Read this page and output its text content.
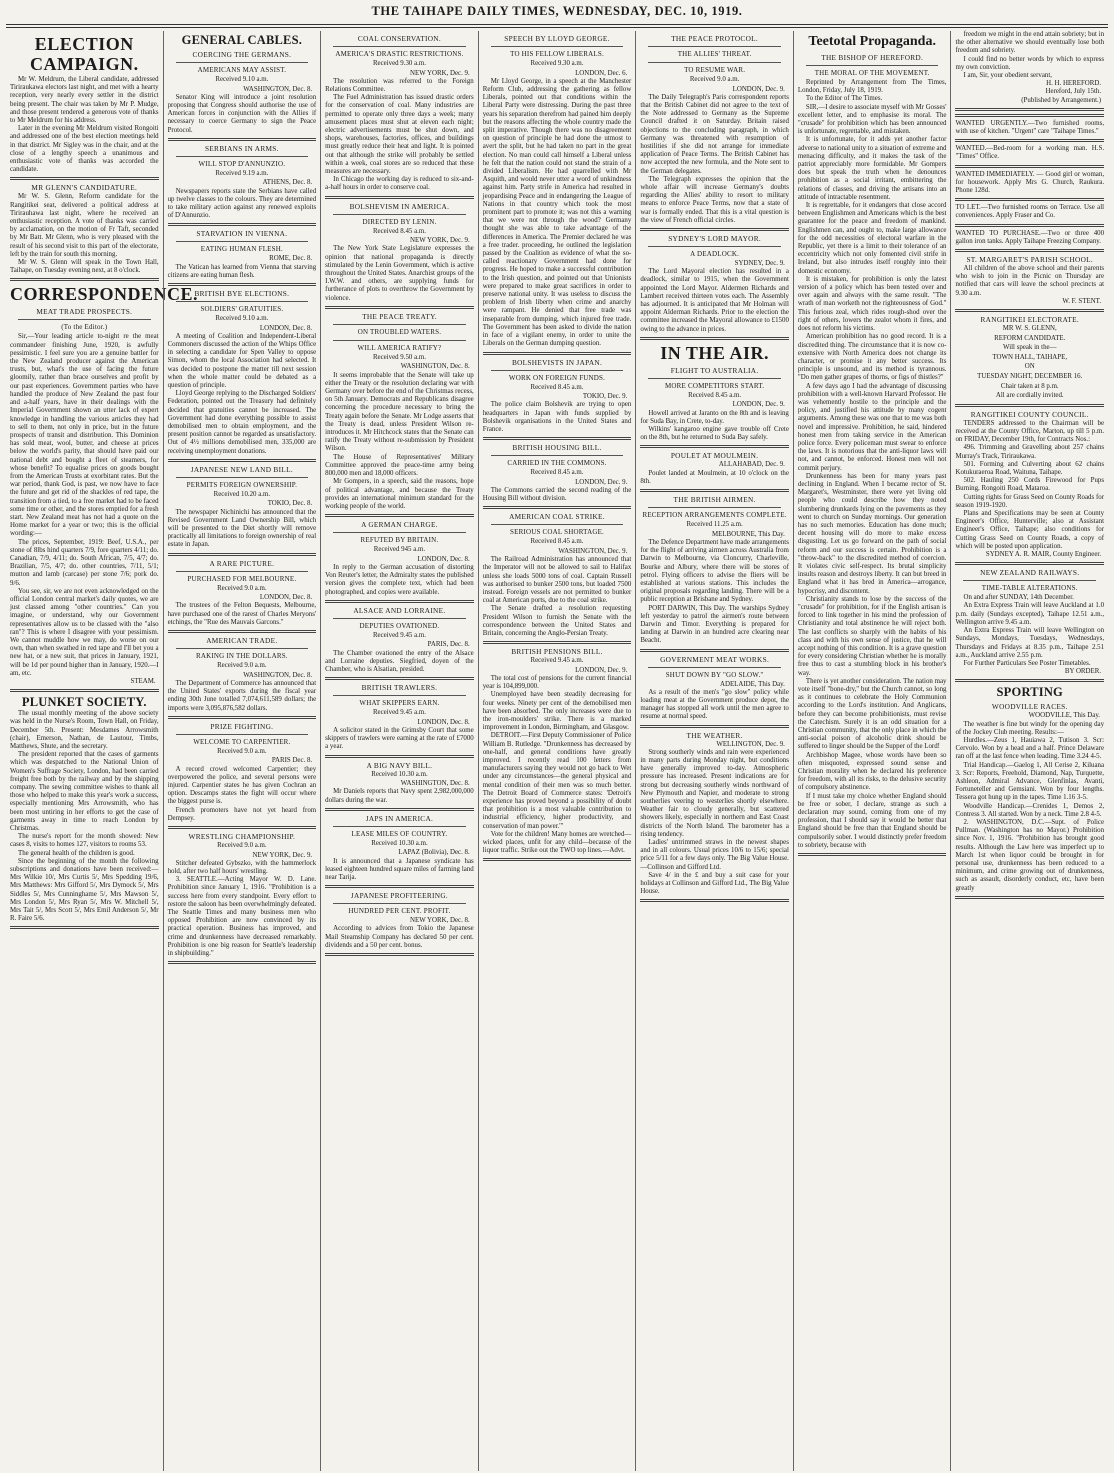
THE TAIHAPE DAILY TIMES, WEDNESDAY, DEC. 10, 1919.
ELECTION CAMPAIGN.

Mr W. Meldrum, the Liberal candidate, addressed Tiriraukawa electors last night, and met with a hearty reception, very nearly every settler in the district being present. The chair was taken by Mr P. Mudge, and those present tendered a generous vote of thanks to Mr Meldrum for his address.

Later in the evening Mr Meldrum visited Rongoiti and addressed one of the best election meetings held in that district. Mr Sigley was in the chair, and at the close of a lengthy speech a unanimous and enthusiastic vote of thanks was accorded the candidate.

MR GLENN'S CANDIDATURE.

Mr W. S. Glenn, Reform candidate for the Rangitikei seat, delivered a political address at Tirirauhawa last night, where he received an enthusiastic reception. A vote of thanks was carried by acclamation, on the motion of Fr Taft, seconded by Mr Batt. Mr Glenn, who is very pleased with the result of his second visit to this part of the electorate, left by the train for south this morning.

Mr W. S. Glenn will speak in the Town Hall, Taihape, on Tuesday evening next, at 8 o'clock.

CORRESPONDENCE.
MEAT TRADE PROSPECTS.
(To the Editor.)

Sir,—Your leading article to-night re the meat commandeer finishing June, 1920, is awfully pessimistic. I feel sure you are a genuine battler for the New Zealand producer against the American trusts, but, what's the use of facing the future gloomily, rather than brace ourselves and profit by our past experiences. Government parties who have handled the produce of New Zealand the past four and a-half years, have in their dealings with the Imperial Government shown an utter lack of expert knowledge in handling the various articles they had to sell to them, not only in price, but in the future prospects of transit and distribution. This Dominion has sold meat, wool, butter, and cheese at prices below the world's parity, that should have paid our national debt and bought a fleet of steamers, for whose benefit? To equalise prices on goods bought from the American Trusts at exorbitant rates. But the war period, thank God, is past, we now have to face the future and get rid of the shackles of red tape, the transition from a tied, to a free market had to be faced some time or other, and the stores emptied for a fresh start. New Zealand meat has not had a quote on the Home market for a year or two; this is the official wording:—

The prices, September, 1919: Beef, U.S.A., per stone of 8lbs hind quarters 7/9, fore quarters 4/11; do. Canadian, 7/9, 4/11; do. South African, 7/5, 4/7; do. Brazilian, 7/5, 4/7; do. other countries, 7/11, 5/1; mutton and lamb (carcase) per stone 7/6; pork do. 9/6.

You see, sir, we are not even acknowledged on the official London central market's daily quotes, we are just classed among "other countries." Can you imagine, or understand, why our Government representatives allow us to be classed with the "also ran"? This is where I disagree with your pessimism. We cannot muddle how we may, do worse on our own, than when swathed in red tape and I'll bet you a new hat, or a new suit, that prices in January, 1921, will be 1d per pound higher than in January, 1920.—I am, etc.

STEAM.
PLUNKET SOCIETY.

The usual monthly meeting of the above society was held in the Nurse's Room, Town Hall, on Friday, December 5th. Present: Mesdames Arrowsmith (chair), Emerson, Nathan, de Lautour, Timbs, Matthews, Shute, and the secretary.

The president reported that the cases of garments which was despatched to the National Union of Women's Suffrage Society, London, had been carried freight free both by the railway and by the shipping company. The sewing committee wishes to thank all those who helped to make this year's work a success, especially mentioning Mrs Arrowsmith, who has been most untiring in her efforts to get the case of garments away in time to reach London by Christmas.

The nurse's report for the month showed: New cases 8, visits to homes 127, visitors to rooms 53.

The general health of the children is good.

Since the beginning of the month the following subscriptions and donations have been received:—Mrs Wilkie 10/, Mrs Curtis 5/, Mrs Spedding 19/6, Mrs Matthews: Mrs Gifford 5/, Mrs Dymock 5/, Mrs Siddles 5/, Mrs Cunninghame 5/, Mrs Mawson 5/, Mrs London 5/, Mrs Ryan 5/, Mrs W. Mitchell 5/, Mrs Tait 5/, Mrs Scott 5/, Mrs Emil Anderson 5/, Mr R. Faire 5/6.

GENERAL CABLES.
COERCING THE GERMANS.
AMERICANS MAY ASSIST.
Received 9.10 a.m.
WASHINGTON, Dec. 8.

Senator King will introduce a joint resolution proposing that Congress should authorise the use of American forces in conjunction with the Allies if necessary to coerce Germany to sign the Peace Protocol.

SERBIANS IN ARMS.
WILL STOP D'ANNUNZIO.
Received 9.19 a.m.
ATHENS, Dec. 8.

Newspapers reports state the Serbians have called up twelve classes to the colours. They are determined to take military action against any renewed exploits of D'Annunzio.

STARVATION IN VIENNA.
EATING HUMAN FLESH.
ROME, Dec. 8.

The Vatican has learned from Vienna that starving citizens are eating human flesh.

BRITISH BYE ELECTIONS.
SOLDIERS' GRATUITIES.
Received 9.10 a.m.
LONDON, Dec. 8.

A meeting of Coalition and Independent-Liberal Commoners discussed the action of the Whips Office in selecting a candidate for Spen Valley to oppose Simon, whom the local Association had selected. It was decided to postpone the matter till next session when the whole matter could be debated as a question of principle.

Lloyd George replying to the Discharged Soldiers' Federation, pointed out the Treasury had definitely decided that gratuities cannot be increased. The Government had done everything possible to assist demobilised men to obtain employment, and the present position cannot be regarded as unsatisfactory. Out of 4½ millions demobilised men, 335,000 are receiving unemployment donations.

JAPANESE NEW LAND BILL.
PERMITS FOREIGN OWNERSHIP.
Received 10.20 a.m.
TOKIO, Dec. 8.

The newspaper Nichinichi has announced that the Revised Government Land Ownership Bill, which will be presented to the Diet shortly will remove practically all limitations to foreign ownership of real estate in Japan.

A RARE PICTURE.
PURCHASED FOR MELBOURNE.
Received 9.0 a.m.
LONDON, Dec. 8.

The trustees of the Felton Bequests, Melbourne, have purchased one of the rarest of Charles Meryons' etchings, the "Rue des Mauvais Garcons."

AMERICAN TRADE.
RAKING IN THE DOLLARS.
Received 9.0 a.m.
WASHINGTON, Dec. 8.

The Department of Commerce has announced that the United States' exports during the fiscal year ending 30th June totalled 7,074,611,589 dollars; the imports were 3,095,876,582 dollars.

PRIZE FIGHTING.
WELCOME TO CARPENTIER.
Received 9.0 a.m.
PARIS Dec. 8.

A record crowd welcomed Carpentier; they overpowered the police, and several persons were injured. Carpentier states he has given Cochran an option. Descamps states the fight will occur where the biggest purse is.

French promoters have not yet heard from Dempsey.

WRESTLING CHAMPIONSHIP.
Received 9.0 a.m.
NEW YORK, Dec. 9.

Stitcher defeated Gybszko, with the hammerlock hold, after two half hours' wrestling.

3. SEATTLE.—Acting Mayor W. D. Lane. Prohibition since January 1, 1916. "Prohibition is a success here from every standpoint. Every effort to restore the saloon has been overwhelmingly defeated. The Seattle Times and many business men who opposed Prohibition are now convinced by its practical operation. Business has improved, and crime and drunkenness have decreased remarkably. Prohibition is one big reason for Seattle's leadership in shipbuilding."

COAL CONSERVATION.
AMERICA'S DRASTIC RESTRICTIONS.
Received 9.30 a.m.
NEW YORK, Dec. 9.

The resolution was referred to the Foreign Relations Committee.

The Fuel Administration has issued drastic orders for the conservation of coal. Many industries are permitted to operate only three days a week; many amusement places must shut at eleven each night; electric advertisements must be shut down, and shops, warehouses, factories, offices, and buildings must greatly reduce their heat and light. It is pointed out that although the strike will probably be settled within a week, coal stores are so reduced that these measures are necessary.

In Chicago the working day is reduced to six-and-a-half hours in order to conserve coal.

BOLSHEVISM IN AMERICA.
DIRECTED BY LENIN.
Received 8.45 a.m.
NEW YORK, Dec. 9.

The New York State Legislature expresses the opinion that national propaganda is directly stimulated by the Lenin Government, which is active throughout the United States. Anarchist groups of the I.W.W. and others, are supplying funds for furtherance of plots to overthrow the Government by violence.

THE PEACE TREATY.
ON TROUBLED WATERS.
WILL AMERICA RATIFY?
Received 9.50 a.m.
WASHINGTON, Dec. 8.

It seems improbable that the Senate will take up either the Treaty or the resolution declaring war with Germany over before the end of the Christmas recess, on 5th January. Democrats and Republicans disagree concerning the procedure necessary to bring the Treaty again before the Senate. Mr Lodge asserts that the Treaty is dead, unless President Wilson re-introduces it. Mr Hitchcock states that the Senate can ratify the Treaty without re-submission by President Wilson.

The House of Representatives' Military Committee approved the peace-time army being 800,000 men and 18,000 officers.

Mr Gompers, in a speech, said the reasons, hope of political advantage, and because the Treaty provides an international minimum standard for the working people of the world.

A GERMAN CHARGE.
REFUTED BY BRITAIN.
Received 945 a.m.
LONDON, Dec. 8.

In reply to the German accusation of distorting Von Reuter's letter, the Admiralty states the published version gives the complete text, which had been photographed, and copies were available.

ALSACE AND LORRAINE.
DEPUTIES OVATIONED.
Received 9.45 a.m.
PARIS, Dec. 8.

The Chamber ovationed the entry of the Alsace and Lorraine deputies. Siegfried, doyen of the Chamber, who is Alsatian, presided.

BRITISH TRAWLERS.
WHAT SKIPPERS EARN.
Received 9.45 a.m.
LONDON, Dec. 8.

A solicitor stated in the Grimsby Court that some skippers of trawlers were earning at the rate of £7000 a year.

A BIG NAVY BILL.
Received 10.30 a.m.
WASHINGTON, Dec. 8.

Mr Daniels reports that Navy spent 2,982,000,000 dollars during the war.

JAPS IN AMERICA.
LEASE MILES OF COUNTRY.
Received 10.30 a.m.
LAPAZ (Bolivia), Dec. 8.

It is announced that a Japanese syndicate has leased eighteen hundred square miles of farming land near Tarija.

JAPANESE PROFITEERING.
HUNDRED PER CENT. PROFIT.
NEW YORK, Dec. 8.

According to advices from Tokio the Japanese Mail Steamship Company has declared 50 per cent. dividends and a 50 per cent. bonus.

SPEECH BY LLOYD GEORGE.
TO HIS FELLOW LIBERALS.
Received 9.30 a.m.
LONDON, Dec. 6.

Mr Lloyd George, in a speech at the Manchester Reform Club, addressing the gathering as fellow Liberals, pointed out that conditions within the Liberal Party were distressing. During the past three years his separation therefrom had pained him deeply but the reasons affecting the whole country made the split imperative. Though there was no disagreement on question of principle he had done the utmost to avert the split, but he had taken no part in the great election. No man could call himself a Liberal unless he felt that the nation could not stand the strain of a divided Liberalism. He had quarrelled with Mr Asquith, and would never utter a word of unkindness against him. Party strife in America had resulted in jeopardising Peace and in endangering the League of Nations in that country which took the most prominent part to promote it; was not this a warning that we were not through the wood? Germany thought she was able to take advantage of the differences in America. The Premier declared he was a free trader. proceeding, he outlined the legislation passed by the Coalition as evidence of what the so-called reactionary Government had done for progress. He hoped to make a successful contribution to the Irish question, and pointed out that Unionists were prepared to make great sacrifices in order to preserve national unity. It was useless to discuss the problem of Irish liberty when crime and anarchy were rampant. He denied that free trade was inseparable from dumping, which injured free trade. The Government has been asked to divide the nation in face of a vigilant enemy, in order to unite the Liberals on the German dumping question.

BOLSHEVISTS IN JAPAN.
WORK ON FOREIGN FUNDS.
Received 8.45 a.m.
TOKIO, Dec. 9.

The police claim Bolshevik are trying to open headquarters in Japan with funds supplied by Bolshevik organisations in the United States and France.

BRITISH HOUSING BILL.
CARRIED IN THE COMMONS.
Received 8.45 a.m.
LONDON, Dec. 9.

The Commons carried the second reading of the Housing Bill without division.

AMERICAN COAL STRIKE.
SERIOUS COAL SHORTAGE.
Received 8.45 a.m.
WASHINGTON, Dec. 9.

The Railroad Administration has announced that the Imperator will not be allowed to sail to Halifax unless she loads 5000 tons of coal. Captain Russell was authorised to bunker 2500 tons, but loaded 7500 instead. Foreign vessels are not permitted to bunker coal at American ports, due to the coal strike.

The Senate drafted a resolution requesting President Wilson to furnish the Senate with the correspondence between the United States and Britain, concerning the Anglo-Persian Treaty.

BRITISH PENSIONS BILL.
Received 9.45 a.m.
LONDON, Dec. 9.

The total cost of pensions for the current financial year is 104,899,000.

Unemployed have been steadily decreasing for four weeks. Ninety per cent of the demobilised men have been absorbed. The only increases were due to the iron-moulders' strike. There is a marked improvement in London, Birmingham, and Glasgow.

DETROIT.—First Deputy Commissioner of Police William B. Rutledge. "Drunkenness has decreased by one-half, and general conditions have greatly improved. I recently read 100 letters from manufacturers saying they would not go back to Wet under any circumstances—the general physical and mental condition of their men was so much better. The Detroit Board of Commerce states: 'Detroit's experience has proved beyond a possibility of doubt that prohibition is a most valuable contribution to industrial efficiency, higher productivity, and conservation of man power.'"

Vote for the children! Many homes are wretched—wicked places, unfit for any child—because of the liquor traffic. Strike out the TWO top lines.—Advt.

THE PEACE PROTOCOL.
THE ALLIES' THREAT.
TO RESUME WAR.
Received 9.0 a.m.
LONDON, Dec. 9.

The Daily Telegraph's Paris correspondent reports that the British Cabinet did not agree to the text of the Note addressed to Germany as the Supreme Council drafted it on Saturday. Britain raised objections to the concluding paragraph, in which Germany was threatened with resumption of hostilities if she did not arrange for immediate application of Peace Terms. The British Cabinet has now accepted the new formula, and the Note sent to the German delegates.

The Telegraph expresses the opinion that the whole affair will increase Germany's doubts regarding the Allies' ability to resort to military means to enforce Peace Terms, now that a state of war is formally ended. That this is a vital question is the view of French official circles.

SYDNEY'S LORD MAYOR.
A DEADLOCK.
SYDNEY, Dec. 9.

The Lord Mayoral election has resulted in a deadlock, similar to 1915, when the Government appointed the Lord Mayor. Aldermen Richards and Lambert received thirteen votes each. The Assembly has adjourned. It is anticipated that Mr Holman will appoint Alderman Richards. Prior to the election the committee increased the Mayoral allowance to £1500 owing to the advance in prices.

IN THE AIR.
FLIGHT TO AUSTRALIA.
MORE COMPETITORS START.
Received 8.45 a.m.
LONDON, Dec. 9.

Howell arrived at Jaranto on the 8th and is leaving for Suda Bay, in Crete, to-day.

Wilkins' kangaroo engine gave trouble off Crete on the 8th, but he returned to Suda Bay safely.

POULET AT MOULMEIN.
ALLAHABAD, Dec. 9.

Poulet landed at Moulmein, at 10 o'clock on the 8th.

THE BRITISH AIRMEN.
RECEPTION ARRANGEMENTS COMPLETE.
Received 11.25 a.m.
MELBOURNE, This Day.

The Defence Department have made arrangements for the flight of arriving airmen across Australia from Darwin to Melbourne, via Cloncurry, Charleville, Bourke and Albury, where there will be stores of petrol. Flying officers to advise the fliers will be established at various stations. This includes the original proposals regarding landing. There will be a public reception at Brisbane and Sydney.

PORT DARWIN, This Day. The warships Sydney left yesterday to patrol the airmen's route between Darwin and Timor. Everything is prepared for landing at Darwin in an hundred acre clearing near Beacht.

GOVERNMENT MEAT WORKS.
SHUT DOWN BY "GO SLOW."
ADELAIDE, This Day.

As a result of the men's "go slow" policy while loading meat at the Government produce depot, the manager has stopped all work until the men agree to resume at normal speed.

THE WEATHER.
WELLINGTON, Dec. 9.

Strong southerly winds and rain were experienced in many parts during Monday night, but conditions have generally improved to-day. Atmospheric pressure has increased. Present indications are for strong but decreasing southerly winds northward of New Plymouth and Napier, and moderate to strong southerlies veering to westerlies shortly elsewhere. Weather fair to cloudy generally, but scattered showers likely, especially in northern and East Coast districts of the North Island. The barometer has a rising tendency.

Ladies' untrimmed straws in the newest shapes and in all colours. Usual prices 10/6 to 15/6; special price 5/11 for a few days only. The Big Value House.—Collinson and Gifford Ltd.

Save 4/ in the £ and buy a suit case for your holidays at Collinson and Gifford Ltd., The Big Value House.

Teetotal Propaganda.
THE BISHOP OF HEREFORD.
THE MORAL OF THE MOVEMENT.

Reprinted by Arrangement from The Times, London, Friday, July 18, 1919.

To the Editor of The Times.

SIR,—I desire to associate myself with Mr Gosses' excellent letter, and to emphasise its moral. The "crusade" for prohibition which has been announced is unfortunate, regrettable, and mistaken.

It is unfortunate, for it adds yet another factor adverse to national unity to a situation of extreme and menacing difficulty, and it makes the task of the patriot appreciably more formidable. Mr Gompers does but speak the truth when he denounces prohibition as a social irritant, embittering the relations of classes, and driving the artisans into an attitude of intractable resentment.

It is regrettable, for it endangers that close accord between Englishmen and Americans which is the best guarantee for the peace and freedom of mankind. Englishmen can, and ought to, make large allowance for the odd necessities of electoral warfare in the Republic, yet there is a limit to their tolerance of an eccentricity which not only fomented civil strife in Ireland, but also intrudes itself roughly into their domestic economy.

It is mistaken, for prohibition is only the latest version of a policy which has been tested over and over again and always with the same result. "The wrath of man worketh not the righteousness of God." This furious zeal, which rides rough-shod over the right of others, lowers the zealot whom it fires, and does not reform his victims.

American prohibition has no good record. It is a discredited thing. The circumstance that it is now co-extensive with North America does not change its character, or promise it any better success. Its principle is unsound, and its method is tyrannous. "Do men gather grapes of thorns, or figs of thistles?"

A few days ago I had the advantage of discussing prohibition with a well-known Harvard Professor. He was vehemently hostile to the principle and the policy, and justified his attitude by many cogent arguments. Among these was one that to me was both novel and impressive. Prohibition, he said, hindered honest men from taking service in the American police force. Every policeman must swear to enforce the laws. It is notorious that the anti-liquor laws will not, and cannot, be enforced. Honest men will not commit perjury.

Drunkenness has been for many years past declining in England. When I became rector of St. Margaret's, Westminster, there were yet living old people who could describe how they noted slumbering drunkards lying on the pavements as they went to church on Sunday mornings. Our generation has no such memories. Education has done much; decent housing will do more to make excess disgusting. Let us go forward on the path of social reform and our success is certain. Prohibition is a "throw-back" to the discredited method of coercion. It violates civic self-respect. Its brutal simplicity insults reason and destroys liberty. It can but breed in England what it has bred in America—arrogance, hypocrisy, and discontent.

Christianity stands to lose by the success of the "crusade" for prohibition, for if the English artisan is forced to link together in his mind the profession of Christianity and total abstinence he will reject both. The last conflicts so sharply with the habits of his class and with his own sense of justice, that he will accept nothing of this condition. It is a grave question for every considering Christian whether he is morally free thus to cast a stumbling block in his brother's way.

There is yet another consideration. The nation may vote itself "bone-dry," but the Church cannot, so long as it continues to celebrate the Holy Communion according to the Lord's institution. And Anglicans, before they can become prohibitionists, must revise the Catechism. Surely it is an odd situation for a Christian community, that the only place in which the anti-social poison of alcoholic drink should be suffered to linger should be the Supper of the Lord!

Archbishop Magee, whose words have been so often misquoted, expressed sound sense and Christian morality when he declared his preference for freedom, with all its risks, to the delusive security of compulsory abstinence.

If I must take my choice whether England should be free or sober, I declare, strange as such a declaration may sound, coming from one of my profession, that I should say it would be better that England should be free than that England should be compulsorily sober. I would distinctly prefer freedom to sobriety, because with

freedom we might in the end attain sobriety; but in the other alternative we should eventually lose both freedom and sobriety.

I could find no better words by which to express my own conviction.

I am, Sir, your obedient servant,

H. H. HEREFORD.
Hereford, July 15th.
(Published by Arrangement.)

WANTED URGENTLY.—Two furnished rooms, with use of kitchen. "Urgent" care "Taihape Times."

WANTED.—Bed-room for a working man. H.S. "Times" Office.

WANTED IMMEDIATELY. — Good girl or woman, for housework. Apply Mrs G. Church, Raukura. Phone 128d.

TO LET.—Two furnished rooms on Terrace. Use all conveniences. Apply Fraser and Co.

WANTED TO PURCHASE.—Two or three 400 gallon iron tanks. Apply Taihape Freezing Company.

ST. MARGARET'S PARISH SCHOOL.

All children of the above school and their parents who wish to join in the Picnic on Thursday are notified that cars will leave the school precincts at 9.30 a.m.

W. F. STENT.
RANGITIKEI ELECTORATE.
MR W. S. GLENN,
REFORM CANDIDATE.
Will speak in the—
TOWN HALL, TAIHAPE,
ON
TUESDAY NIGHT, DECEMBER 16.
Chair taken at 8 p.m.
All are cordially invited.
RANGITIKEI COUNTY COUNCIL.

TENDERS addressed to the Chairman will be received at the County Office, Marton, up till 5 p.m. on FRIDAY, December 19th, for Contracts Nos.:

496. Trimming and Gravelling about 257 chains Murray's Track, Tiriraukawa.

501. Forming and Culverting about 62 chains Kotukuraeroa Road, Waituna, Taihape.

502. Hauling 250 Cords Firewood for Pups Burning, Rongoiti Road, Mataroa.

Cutting rights for Grass Seed on County Roads for season 1919-1920.

Plans and Specifications may be seen at County Engineer's Office, Hunterville; also at Assistant Engineer's Office, Taihape; also conditions for Cutting Grass Seed on County Roads, a copy of which will be posted upon application.

SYDNEY A. R. MAIR, County Engineer.
NEW ZEALAND RAILWAYS.
TIME-TABLE ALTERATIONS.

On and after SUNDAY, 14th December.

An Extra Express Train will leave Auckland at 1.0 p.m. daily (Sundays excepted), Taihape 12.51 a.m., Wellington arrive 9.45 a.m.

An Extra Express Train will leave Wellington on Sundays, Mondays, Tuesdays, Wednesdays, Thursdays and Fridays at 8.35 p.m., Taihape 2.51 a.m., Auckland arrive 2.55 p.m.

For Further Particulars See Poster Timetables.

BY ORDER.
SPORTING
WOODVILLE RACES.
WOODVILLE, This Day.

The weather is fine but windy for the opening day of the Jockey Club meeting. Results:—

Hurdles.—Zeus 1, Hauiawa 2, Tutison 3. Scr: Cervolo. Won by a head and a half. Prince Delaware ran off at the last fence when leading. Time 3.24 4-5.

Trial Handicap.—Gaelog 1, All Cerise 2, Kiluana 3. Scr: Reports, Freehold, Diamond, Nap, Turquette, Ashleon, Admiral Advance, Glenfinlas, Avanti, Fortuneteller and Gemsiani. Won by four lengths. Tessera got hung up in the tapes. Time 1.16 3-5.

Woodville Handicap.—Crenides 1, Demos 2, Contress 3. All started. Won by a neck. Time 2.8 4-5.

2. WASHINGTON, D.C.—Supt. of Police Pullman. (Washington has no Mayor.) Prohibition since Nov. 1, 1916. "Prohibition has brought good results. Although the Law here was imperfect up to March 1st when liquor could be brought in for personal use, drunkenness has been reduced to a minimum, and crime growing out of drunkenness, such as assault, disorderly conduct, etc, have been greatly
